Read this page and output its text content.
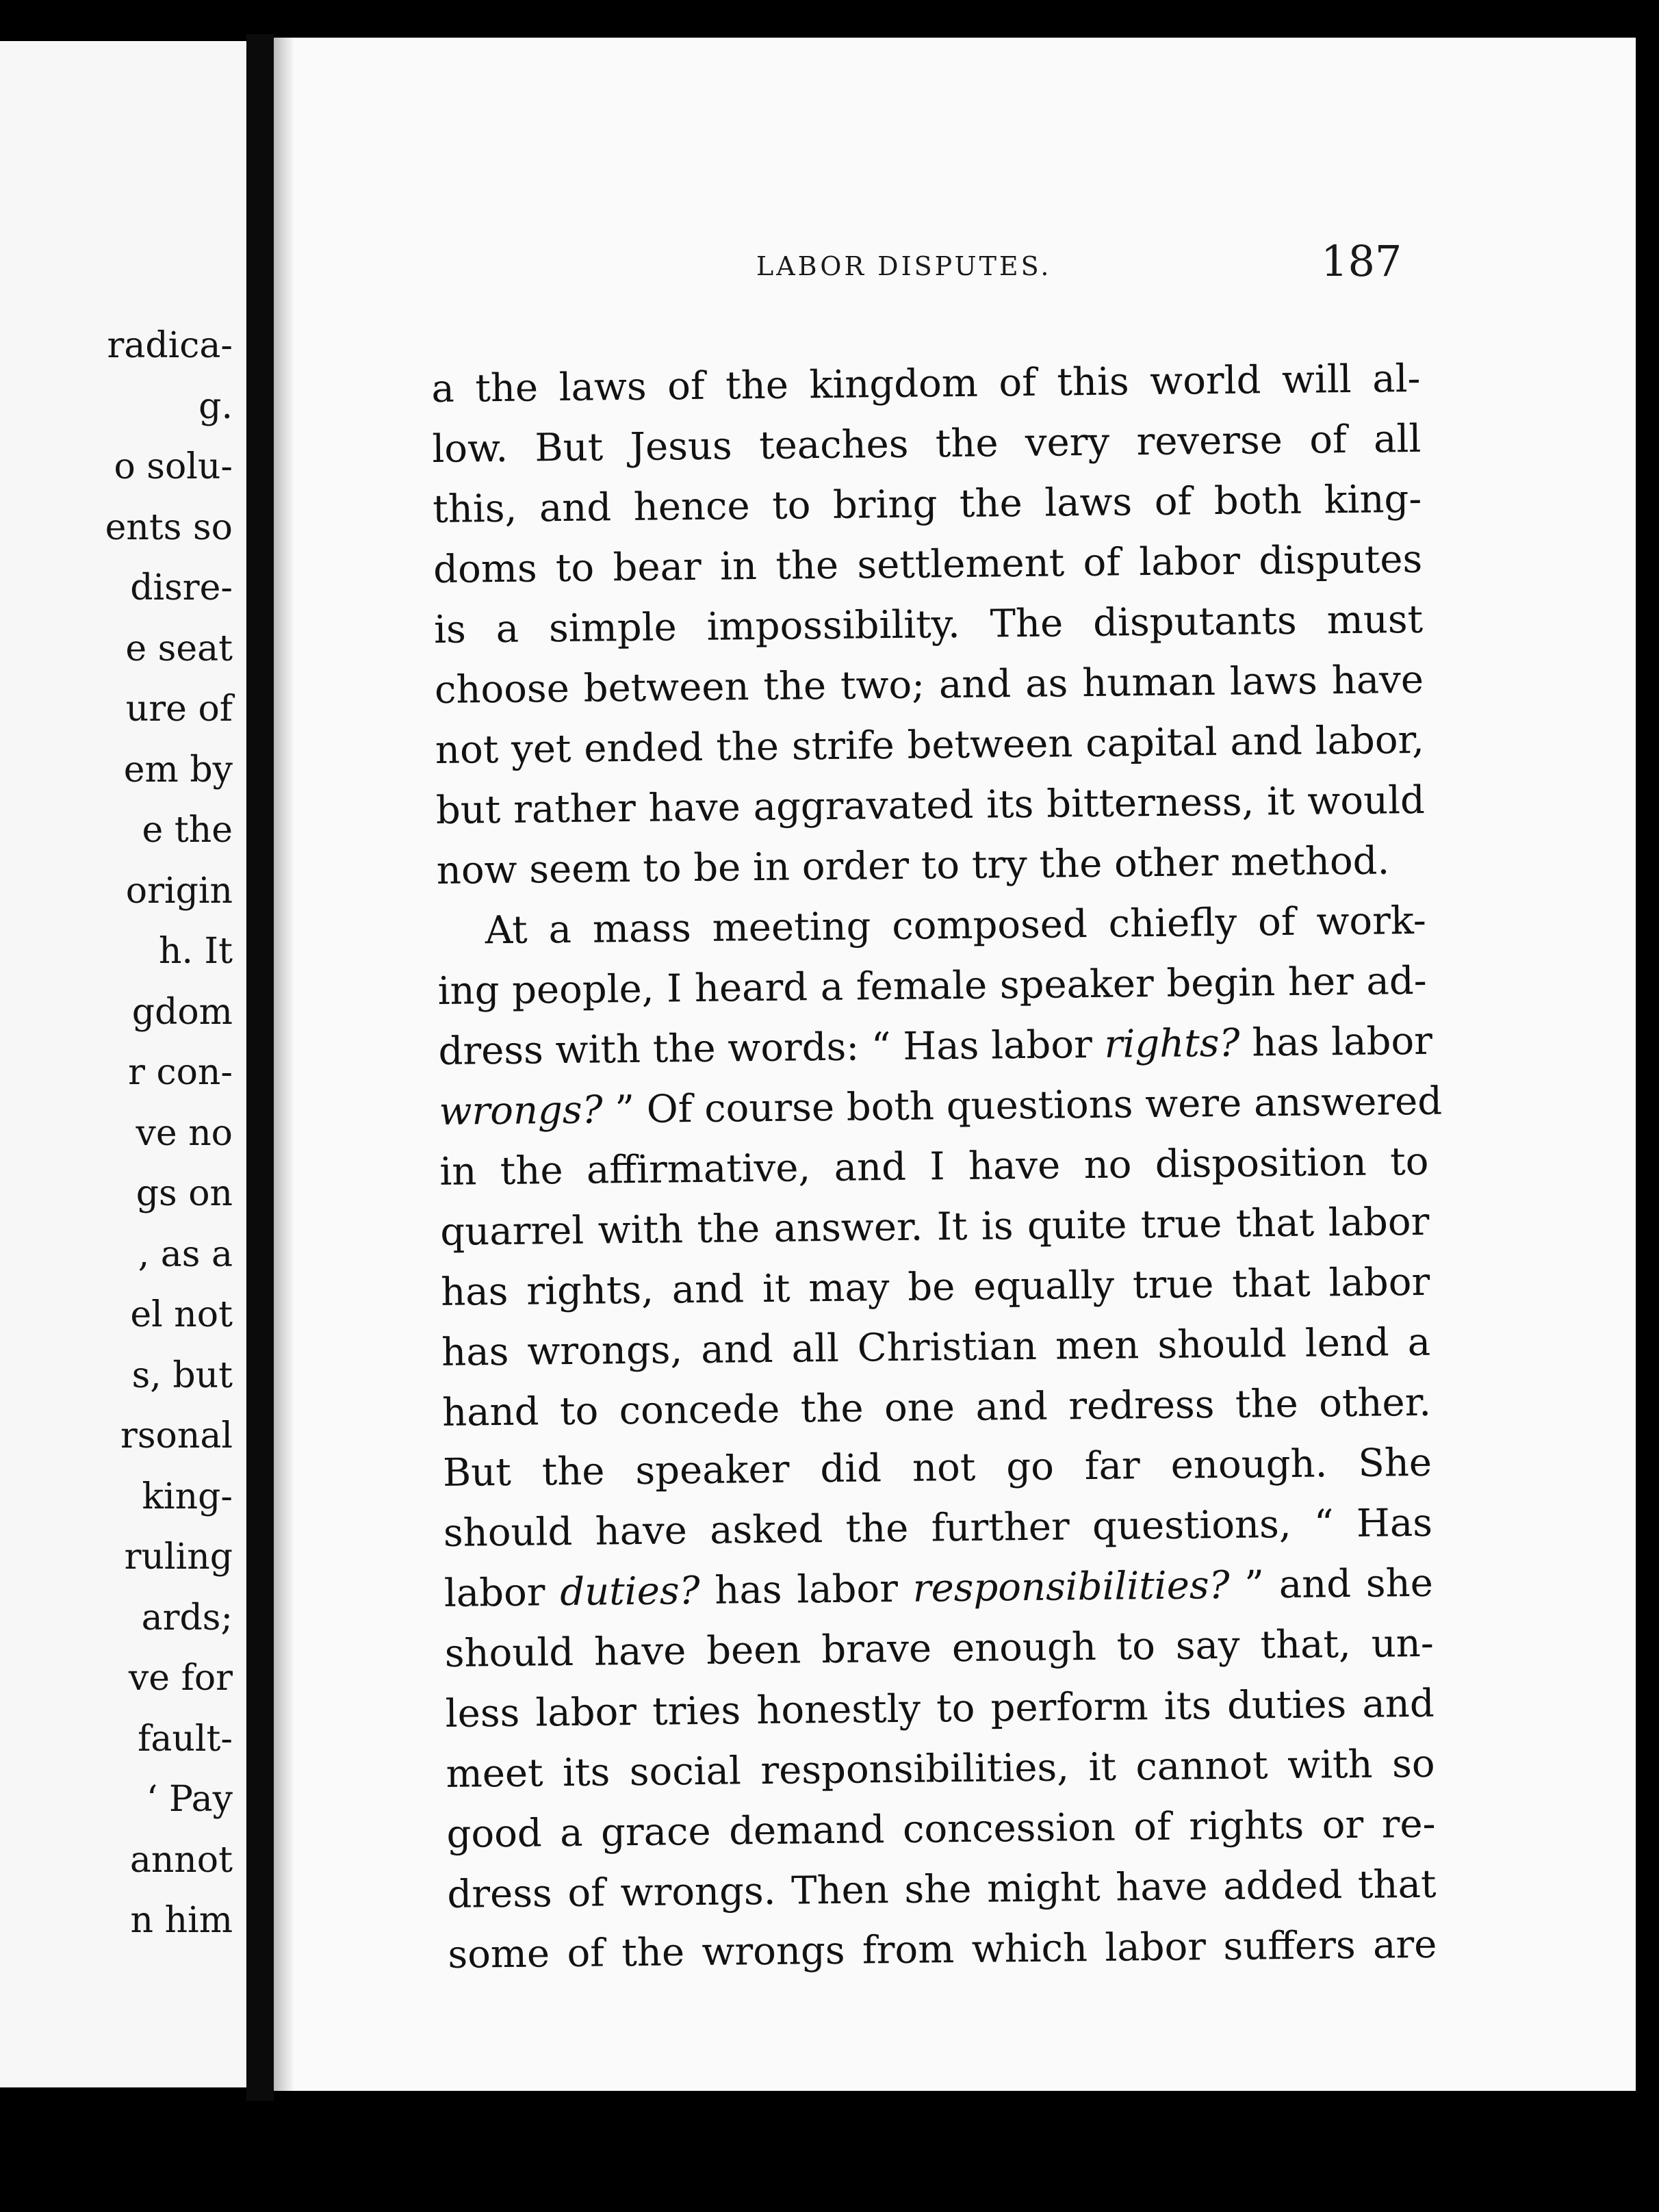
radica-
g.
o solu-
ents so
disre-
e seat
ure of
em by
e the
origin
h. It
gdom
r con-
ve no
gs on
, as a
el not
s, but
rsonal
king-
ruling
ards;
ve for
fault-
‘ Pay
annot
n him
LABOR DISPUTES.	187
a the laws of the kingdom of this world will al-
low. But Jesus teaches the very reverse of all
this, and hence to bring the laws of both king-
doms to bear in the settlement of labor disputes
is a simple impossibility. The disputants must
choose between the two; and as human laws have
not yet ended the strife between capital and labor,
but rather have aggravated its bitterness, it would
now seem to be in order to try the other method.
At a mass meeting composed chiefly of work-
ing people, I heard a female speaker begin her ad-
dress with the words: “ Has labor rights? has labor
wrongs? ” Of course both questions were answered
in the affirmative, and I have no disposition to
quarrel with the answer. It is quite true that labor
has rights, and it may be equally true that labor
has wrongs, and all Christian men should lend a
hand to concede the one and redress the other.
But the speaker did not go far enough. She
should have asked the further questions, “ Has
labor duties? has labor responsibilities? ” and she
should have been brave enough to say that, un-
less labor tries honestly to perform its duties and
meet its social responsibilities, it cannot with so
good a grace demand concession of rights or re-
dress of wrongs. Then she might have added that
some of the wrongs from which labor suffers are
